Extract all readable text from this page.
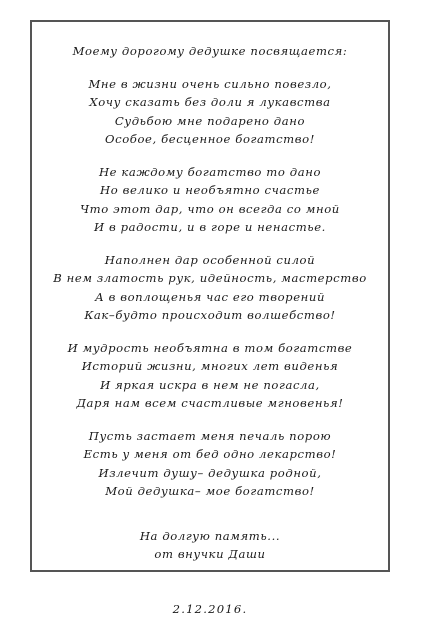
Моему дорогому дедушке посвящается:
Мне в жизни очень сильно повезло,
Хочу сказать без доли я лукавства
Судьбою мне подарено дано
Особое, бесценное богатство!
Не каждому богатство то дано
Но велико и необъятно счастье
Что этот дар, что он всегда со мной
И в радости, и в горе и ненастье.
Наполнен дар особенной силой
В нем златость рук, идейность, мастерство
А в воплощенья час его творений
Как–будто происходит волшебство!
И мудрость необъятна в том богатстве
Историй жизни, многих лет виденья
И яркая искра в нем не погасла,
Даря нам всем счастливые мгновенья!
Пусть застает меня печаль порою
Есть у меня от бед одно лекарство!
Излечит душу– дедушка родной,
Мой дедушка– мое богатство!
На долгую память...
от внучки Даши
2.12.2016.
